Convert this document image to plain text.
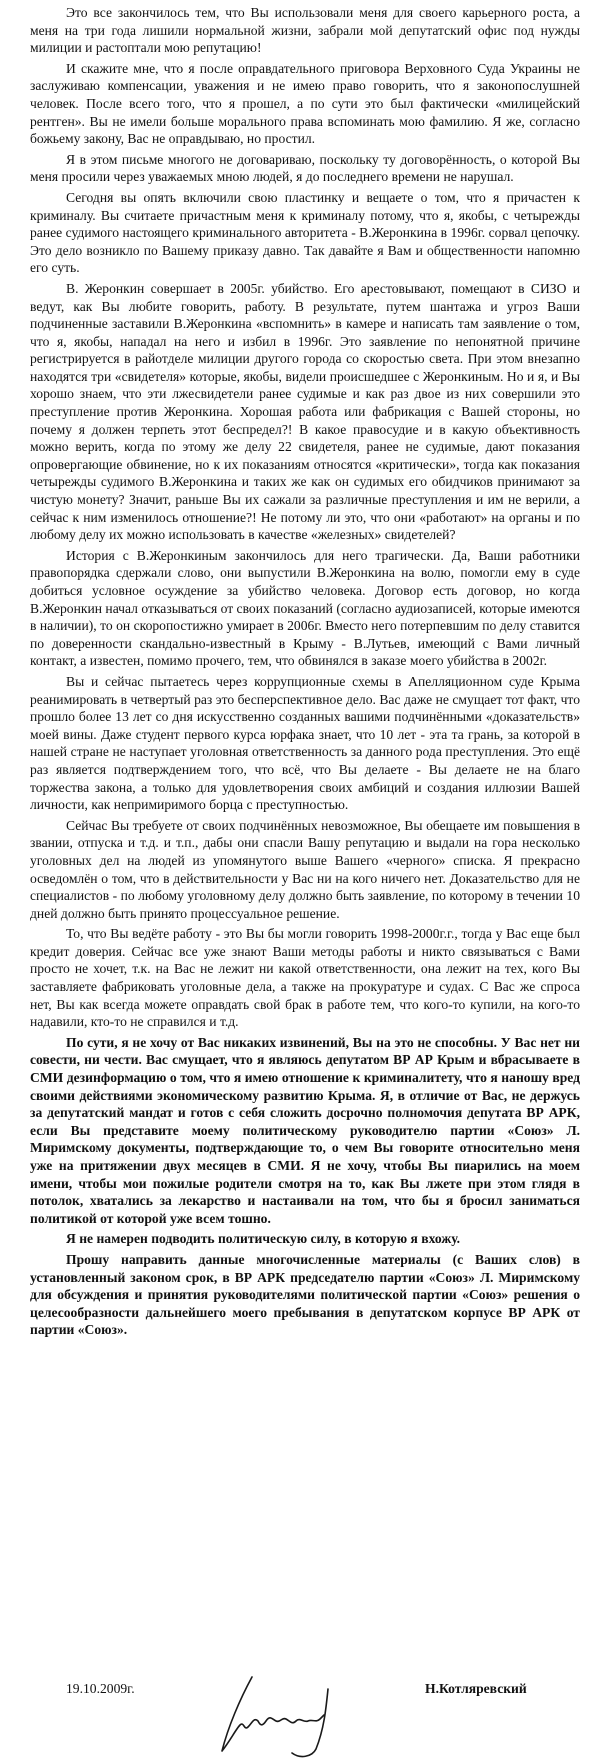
Это все закончилось тем, что Вы использовали меня для своего карьерного роста, а меня на три года лишили нормальной жизни, забрали мой депутатский офис под нужды милиции и растоптали мою репутацию!

И скажите мне, что я после оправдательного приговора Верховного Суда Украины не заслуживаю компенсации, уважения и не имею право говорить, что я законопослушней человек. После всего того, что я прошел, а по сути это был фактически «милицейский рентген». Вы не имели больше морального права вспоминать мою фамилию. Я же, согласно божьему закону, Вас не оправдываю, но простил.

Я в этом письме многого не договариваю, поскольку ту договорённость, о которой Вы меня просили через уважаемых мною людей, я до последнего времени не нарушал.

Сегодня вы опять включили свою пластинку и вещаете о том, что я причастен к криминалу. Вы считаете причастным меня к криминалу потому, что я, якобы, с четырежды ранее судимого настоящего криминального авторитета - В.Жеронкина в 1996г. сорвал цепочку. Это дело возникло по Вашему приказу давно. Так давайте я Вам и общественности напомню его суть.

В. Жеронкин совершает в 2005г. убийство. Его арестовывают, помещают в СИЗО и ведут, как Вы любите говорить, работу. В результате, путем шантажа и угроз Ваши подчиненные заставили В.Жеронкина «вспомнить» в камере и написать там заявление о том, что я, якобы, нападал на него и избил в 1996г. Это заявление по непонятной причине регистрируется в райотделе милиции другого города со скоростью света. При этом внезапно находятся три «свидетеля» которые, якобы, видели происшедшее с Жеронкиным. Но и я, и Вы хорошо знаем, что эти лжесвидетели ранее судимые и как раз двое из них совершили это преступление против Жеронкина. Хорошая работа или фабрикация с Вашей стороны, но почему я должен терпеть этот беспредел?! В какое правосудие и в какую объективность можно верить, когда по этому же делу 22 свидетеля, ранее не судимые, дают показания опровергающие обвинение, но к их показаниям относятся «критически», тогда как показания четырежды судимого В.Жеронкина и таких же как он судимых его обидчиков принимают за чистую монету? Значит, раньше Вы их сажали за различные преступления и им не верили, а сейчас к ним изменилось отношение?! Не потому ли это, что они «работают» на органы и по любому делу их можно использовать в качестве «железных» свидетелей?

История с В.Жеронкиным закончилось для него трагически. Да, Ваши работники правопорядка сдержали слово, они выпустили В.Жеронкина на волю, помогли ему в суде добиться условное осуждение за убийство человека. Договор есть договор, но когда В.Жеронкин начал отказываться от своих показаний (согласно аудиозаписей, которые имеются в наличии), то он скоропостижно умирает в 2006г. Вместо него потерпевшим по делу ставится по доверенности скандально-известный в Крыму - В.Лутьев, имеющий с Вами личный контакт, а известен, помимо прочего, тем, что обвинялся в заказе моего убийства в 2002г.

Вы и сейчас пытаетесь через коррупционные схемы в Апелляционном суде Крыма реанимировать в четвертый раз это бесперспективное дело. Вас даже не смущает тот факт, что прошло более 13 лет со дня искусственно созданных вашими подчинёнными «доказательств» моей вины. Даже студент первого курса юрфака знает, что 10 лет - эта та грань, за которой в нашей стране не наступает уголовная ответственность за данного рода преступления. Это ещё раз является подтверждением того, что всё, что Вы делаете - Вы делаете не на благо торжества закона, а только для удовлетворения своих амбиций и создания иллюзии Вашей личности, как непримиримого борца с преступностью.

Сейчас Вы требуете от своих подчинённых невозможное, Вы обещаете им повышения в звании, отпуска и т.д. и т.п., дабы они спасли Вашу репутацию и выдали на гора несколько уголовных дел на людей из упомянутого выше Вашего «черного» списка. Я прекрасно осведомлён о том, что в действительности у Вас ни на кого ничего нет. Доказательство для не специалистов - по любому уголовному делу должно быть заявление, по которому в течении 10 дней должно быть принято процессуальное решение.

То, что Вы ведёте работу - это Вы бы могли говорить 1998-2000г.г., тогда у Вас еще был кредит доверия. Сейчас все уже знают Ваши методы работы и никто связываться с Вами просто не хочет, т.к. на Вас не лежит ни какой ответственности, она лежит на тех, кого Вы заставляете фабриковать уголовные дела, а также на прокуратуре и судах. С Вас же спроса нет, Вы как всегда можете оправдать свой брак в работе тем, что кого-то купили, на кого-то надавили, кто-то не справился и т.д.

По сути, я не хочу от Вас никаких извинений, Вы на это не способны. У Вас нет ни совести, ни чести. Вас смущает, что я являюсь депутатом ВР АР Крым и вбрасываете в СМИ дезинформацию о том, что я имею отношение к криминалитету, что я наношу вред своими действиями экономическому развитию Крыма. Я, в отличие от Вас, не держусь за депутатский мандат и готов с себя сложить досрочно полномочия депутата ВР АРК, если Вы представите моему политическому руководителю партии «Союз» Л. Миримскому документы, подтверждающие то, о чем Вы говорите относительно меня уже на притяжении двух месяцев в СМИ. Я не хочу, чтобы Вы пиарились на моем имени, чтобы мои пожилые родители смотря на то, как Вы лжете при этом глядя в потолок, хватались за лекарство и настаивали на том, что бы я бросил заниматься политикой от которой уже всем тошно.

Я не намерен подводить политическую силу, в которую я вхожу.

Прошу направить данные многочисленные материалы (с Ваших слов) в установленный законом срок, в ВР АРК председателю партии «Союз» Л. Миримскому для обсуждения и принятия руководителями политической партии «Союз» решения о целесообразности дальнейшего моего пребывания в депутатском корпусе ВР АРК от партии «Союз».

19.10.2009г.	Н.Котляревский
